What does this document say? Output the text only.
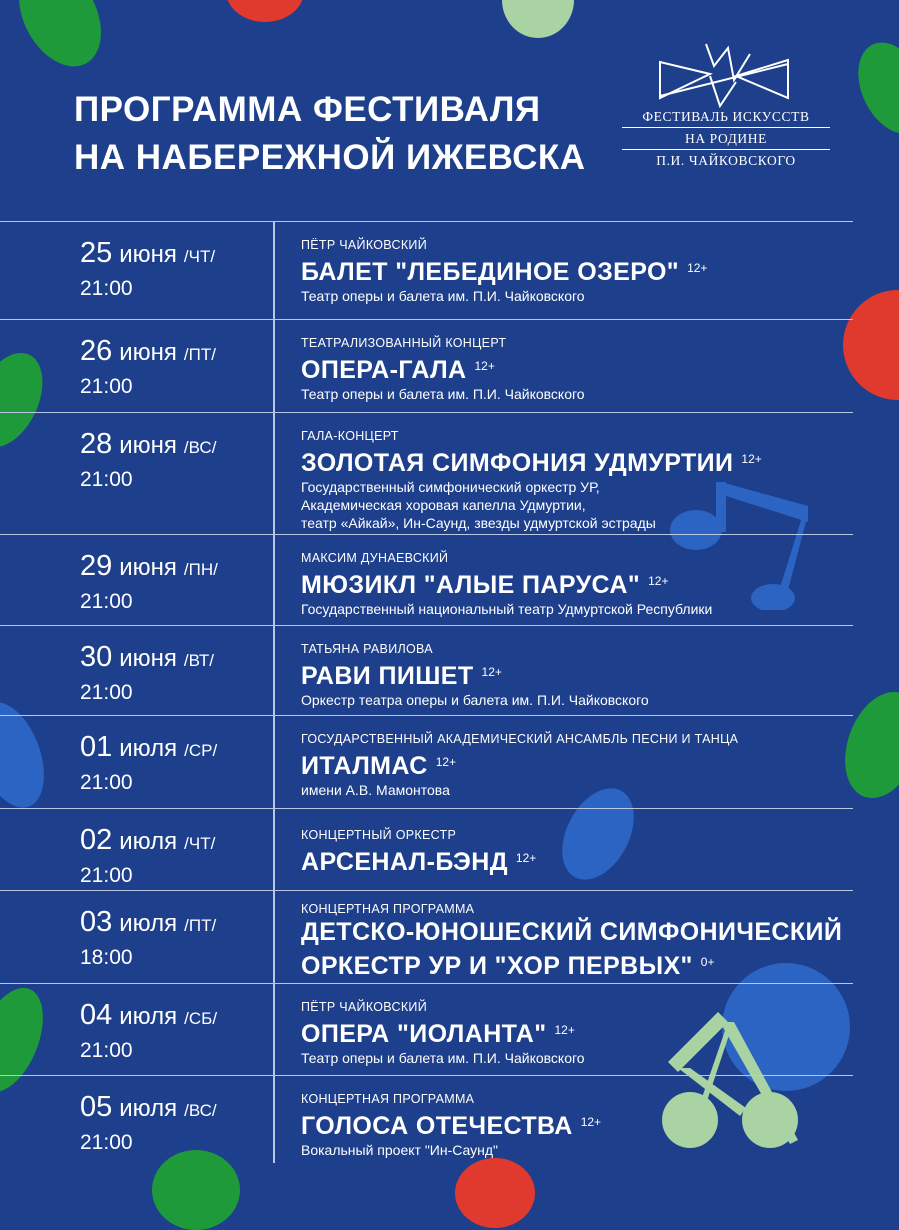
ПРОГРАММА ФЕСТИВАЛЯ
НА НАБЕРЕЖНОЙ ИЖЕВСКА
ФЕСТИВАЛЬ ИСКУССТВ
НА РОДИНЕ
П.И. ЧАЙКОВСКОГО
25 июня /ЧТ/
21:00
ПЁТР ЧАЙКОВСКИЙ
БАЛЕТ "ЛЕБЕДИНОЕ ОЗЕРО" $^{12+}$
Театр оперы и балета им. П.И. Чайковского
26 июня /ПТ/
21:00
ТЕАТРАЛИЗОВАННЫЙ КОНЦЕРТ
ОПЕРА-ГАЛА $^{12+}$
Театр оперы и балета им. П.И. Чайковского
28 июня /ВС/
21:00
ГАЛА-КОНЦЕРТ
ЗОЛОТАЯ СИМФОНИЯ УДМУРТИИ $^{12+}$
Государственный симфонический оркестр УР,
Академическая хоровая капелла Удмуртии,
театр «Айкай», Ин-Саунд, звезды удмуртской эстрады
29 июня /ПН/
21:00
МАКСИМ ДУНАЕВСКИЙ
МЮЗИКЛ "АЛЫЕ ПАРУСА" $^{12+}$
Государственный национальный театр Удмуртской Республики
30 июня /ВТ/
21:00
ТАТЬЯНА РАВИЛОВА
РАВИ ПИШЕТ $^{12+}$
Оркестр театра оперы и балета им. П.И. Чайковского
01 июля /СР/
21:00
ГОСУДАРСТВЕННЫЙ АКАДЕМИЧЕСКИЙ АНСАМБЛЬ ПЕСНИ И ТАНЦА
ИТАЛМАС $^{12+}$
имени А.В. Мамонтова
02 июля /ЧТ/
21:00
КОНЦЕРТНЫЙ ОРКЕСТР
АРСЕНАЛ-БЭНД $^{12+}$
03 июля /ПТ/
18:00
КОНЦЕРТНАЯ ПРОГРАММА
ДЕТСКО-ЮНОШЕСКИЙ СИМФОНИЧЕСКИЙ
ОРКЕСТР УР И "ХОР ПЕРВЫХ" $^{0+}$
04 июля /СБ/
21:00
ПЁТР ЧАЙКОВСКИЙ
ОПЕРА "ИОЛАНТА" $^{12+}$
Театр оперы и балета им. П.И. Чайковского
05 июля /ВС/
21:00
КОНЦЕРТНАЯ ПРОГРАММА
ГОЛОСА ОТЕЧЕСТВА $^{12+}$
Вокальный проект "Ин-Саунд"
